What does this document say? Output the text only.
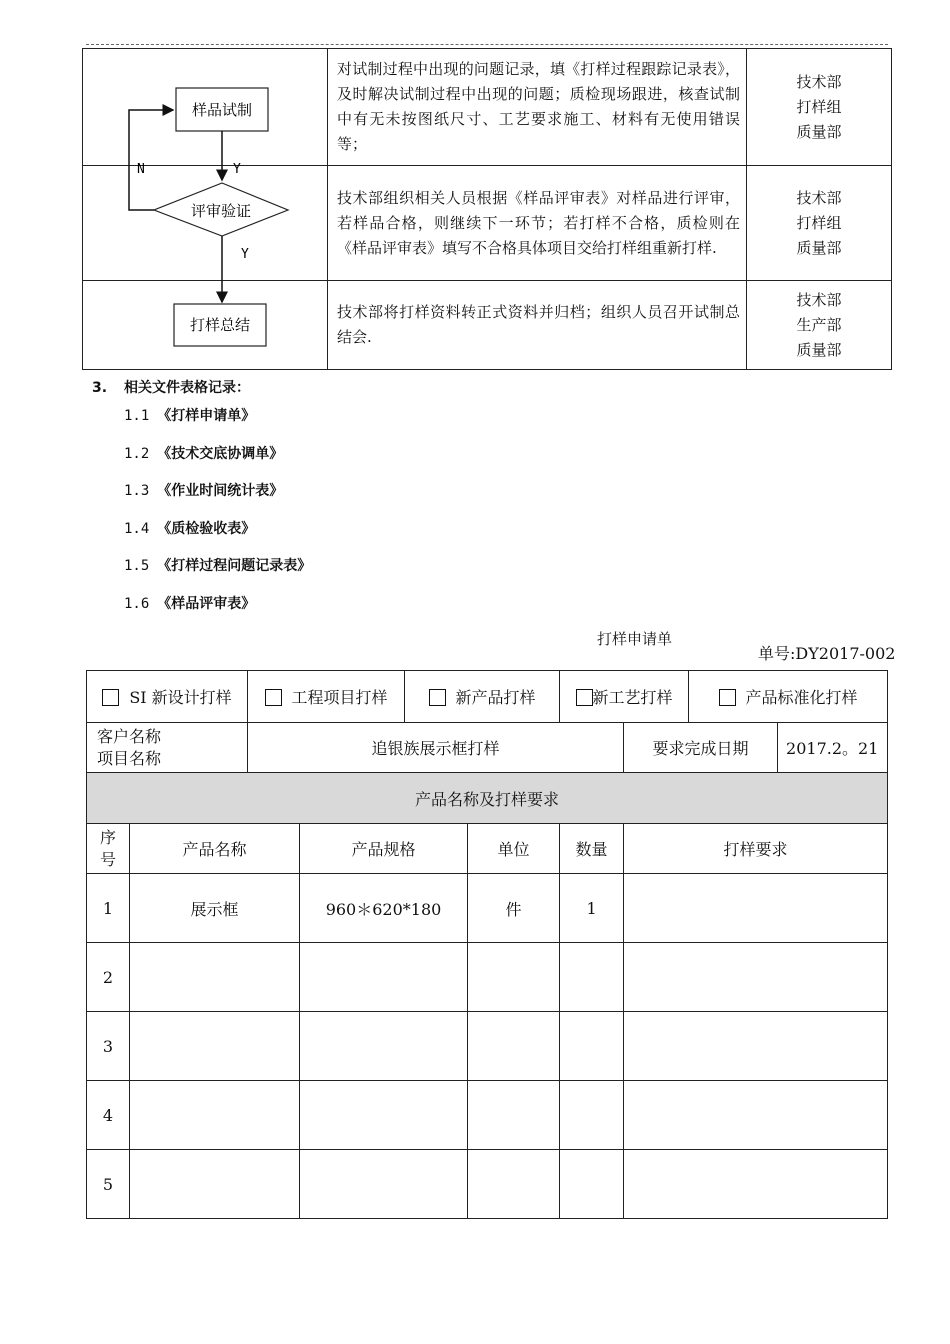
	对试制过程中出现的问题记录，填《打样过程跟踪记录表》，及时解决试制过程中出现的问题；质检现场跟进，核查试制中有无未按图纸尺寸、工艺要求施工、材料有无使用错误等；	技术部
打样组
质量部

	技术部组织相关人员根据《样品评审表》对样品进行评审，若样品合格，则继续下一环节；若打样不合格，质检则在《样品评审表》填写不合格具体项目交给打样组重新打样.	技术部
打样组
质量部

	技术部将打样资料转正式资料并归档；组织人员召开试制总结会.	技术部
生产部
质量部
样品试制
Y
评审验证
N
Y
打样总结
3. 相关文件表格记录：
1.1 《打样申请单》
1.2 《技术交底协调单》
1.3 《作业时间统计表》
1.4 《质检验收表》
1.5 《打样过程问题记录表》
1.6 《样品评审表》
打样申请单
单号:DY2017-002
SI 新设计打样		工程项目打样		新产品打样		新工艺打样		产品标准化打样	

客户名称
项目名称		追银族展示框打样					要求完成日期		2017.2。21
产品名称及打样要求									

序
号	产品名称		产品规格		单位	数量	打样要求		
1	展示框		960＊620*180		件	1			
2									
3									
4									
5									
